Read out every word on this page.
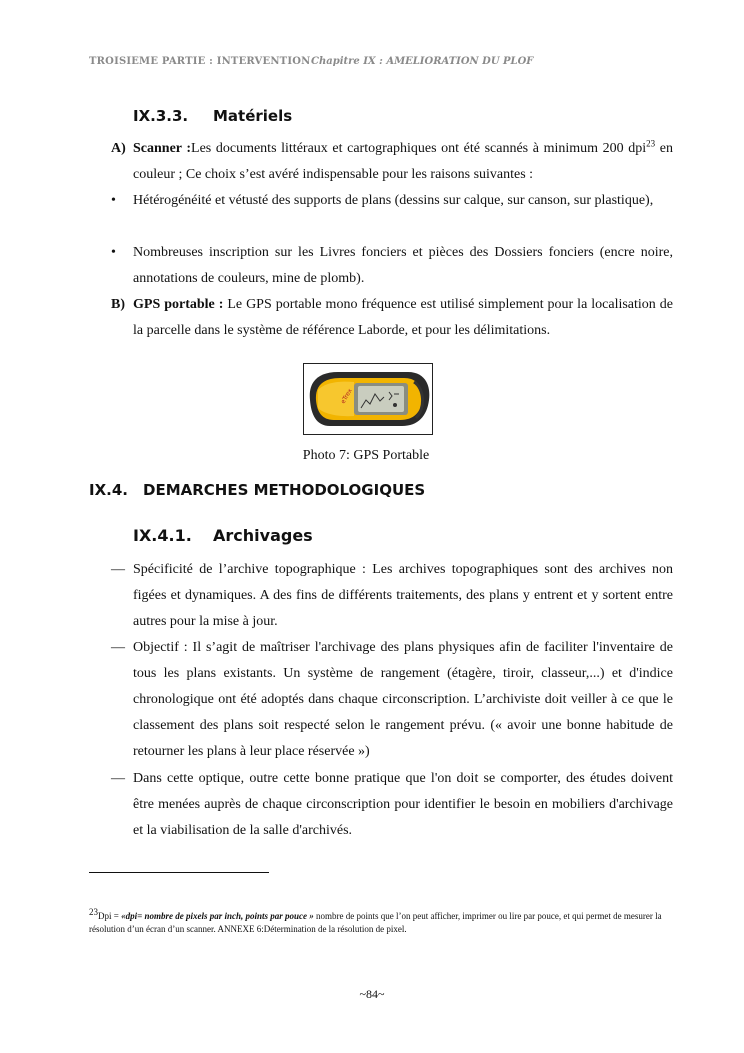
TROISIEME PARTIE : INTERVENTION Chapitre IX : AMELIORATION DU PLOF
IX.3.3. Matériels
A) Scanner :Les documents littéraux et cartographiques ont été scannés à minimum 200 dpi$^{23}$ en couleur ; Ce choix s’est avéré indispensable pour les raisons suivantes :
• Hétérogénéité et vétusté des supports de plans (dessins sur calque, sur canson, sur plastique),
• Nombreuses inscription sur les Livres fonciers et pièces des Dossiers fonciers (encre noire, annotations de couleurs, mine de plomb).
B) GPS portable : Le GPS portable mono fréquence est utilisé simplement pour la localisation de la parcelle dans le système de référence Laborde, et pour les délimitations.
eTrex
Photo 7: GPS Portable
IX.4. DEMARCHES METHODOLOGIQUES
IX.4.1. Archivages
— Spécificité de l’archive topographique : Les archives topographiques sont des archives non figées et dynamiques. A des fins de différents traitements, des plans y entrent et y sortent entre autres pour la mise à jour.
— Objectif : Il s’agit de maîtriser l'archivage des plans physiques afin de faciliter l'inventaire de tous les plans existants. Un système de rangement (étagère, tiroir, classeur,...) et d'indice chronologique ont été adoptés dans chaque circonscription. L’archiviste doit veiller à ce que le classement des plans soit respecté selon le rangement prévu. (« avoir une bonne habitude de retourner les plans à leur place réservée »)
— Dans cette optique, outre cette bonne pratique que l'on doit se comporter, des études doivent être menées auprès de chaque circonscription pour identifier le besoin en mobiliers d'archivage et la viabilisation de la salle d'archivés.
$^{23}$Dpi = «dpi= nombre de pixels par inch, points par pouce » nombre de points que l’on peut afficher, imprimer ou lire par pouce, et qui permet de mesurer la résolution d’un écran d’un scanner. ANNEXE 6:Détermination de la résolution de pixel.
~84~
